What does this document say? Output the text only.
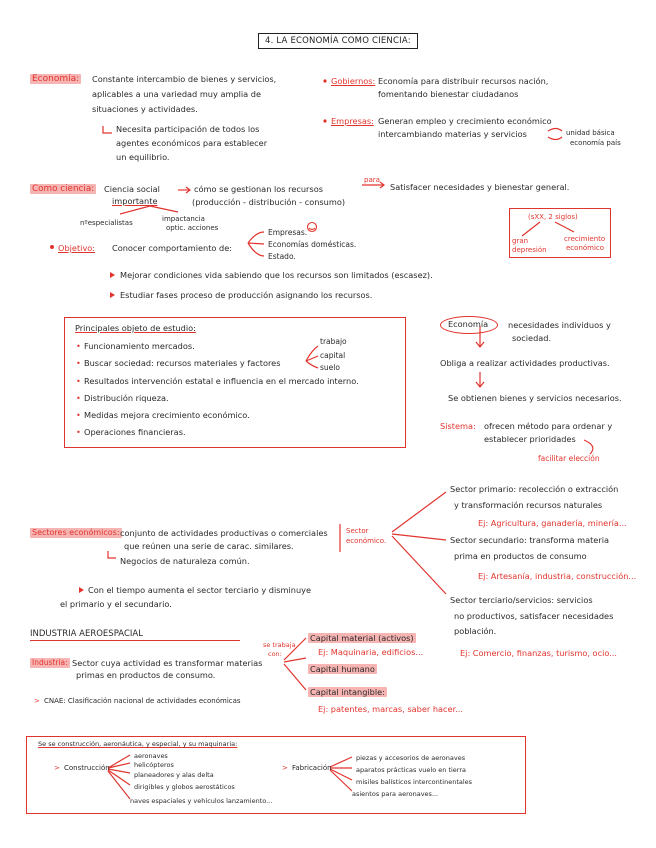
4. LA ECONOMÍA COMO CIENCIA:
Economía: Constante intercambio de bienes y servicios,
aplicables a una variedad muy amplia de
situaciones y actividades.
Necesita participación de todos los
agentes económicos para establecer
un equilibrio.
Gobiernos: Economía para distribuir recursos nación,
fomentando bienestar ciudadanos
Empresas: Generan empleo y crecimiento económico
intercambiando materias y servicios	unidad básica
economía país
Como ciencia: Ciencia social
importante
cómo se gestionan los recursos
para
Satisfacer necesidades y bienestar general.
(producción - distribución - consumo)
nºespecialistas	impactancia
optic. acciones
Objetivo: Conocer comportamiento de:
Empresas.
Economías domésticas.
Estado.
Mejorar condiciones vida sabiendo que los recursos son limitados (escasez).
Estudiar fases proceso de producción asignando los recursos.
(sXX, 2 siglos)
gran
depresión
crecimiento
económico
Principales objeto de estudio:
Funcionamiento mercados.
Buscar sociedad: recursos materiales y factores
Resultados intervención estatal e influencia en el mercado interno.
Distribución riqueza.
Medidas mejora crecimiento económico.
Operaciones financieras.
trabajo
capital
suelo
•
•
•
•
•
•
Economía necesidades individuos y
sociedad.
Obliga a realizar actividades productivas.
Se obtienen bienes y servicios necesarios.
Sistema: ofrecen método para ordenar y
establecer prioridades
facilitar elección
Sectores económicos: conjunto de actividades productivas o comerciales
que reúnen una serie de carac. similares.
Negocios de naturaleza común.
Sector
económico.
Con el tiempo aumenta el sector terciario y disminuye
el primario y el secundario.
Sector primario: recolección o extracción
y transformación recursos naturales
Ej: Agricultura, ganadería, minería...
Sector secundario: transforma materia
prima en productos de consumo
Ej: Artesanía, industria, construcción...
Sector terciario/servicios: servicios
no productivos, satisfacer necesidades
población.
Ej: Comercio, finanzas, turismo, ocio...
INDUSTRIA AEROESPACIAL
Industria: Sector cuya actividad es transformar materias
primas en productos de consumo.
> CNAE: Clasificación nacional de actividades económicas
se trabaja
con:
Capital material (activos)
Ej: Maquinaria, edificios...
Capital humano
Capital intangible:
Ej: patentes, marcas, saber hacer...
Se se construcción, aeronáutica, y especial, y su maquinaria:
> Construcción
aeronaves
helicópteros
planeadores y alas delta
dirigibles y globos aerostáticos
naves espaciales y vehículos lanzamiento...
> Fabricación
piezas y accesorios de aeronaves
aparatos prácticas vuelo en tierra
misiles balísticos intercontinentales
asientos para aeronaves...
